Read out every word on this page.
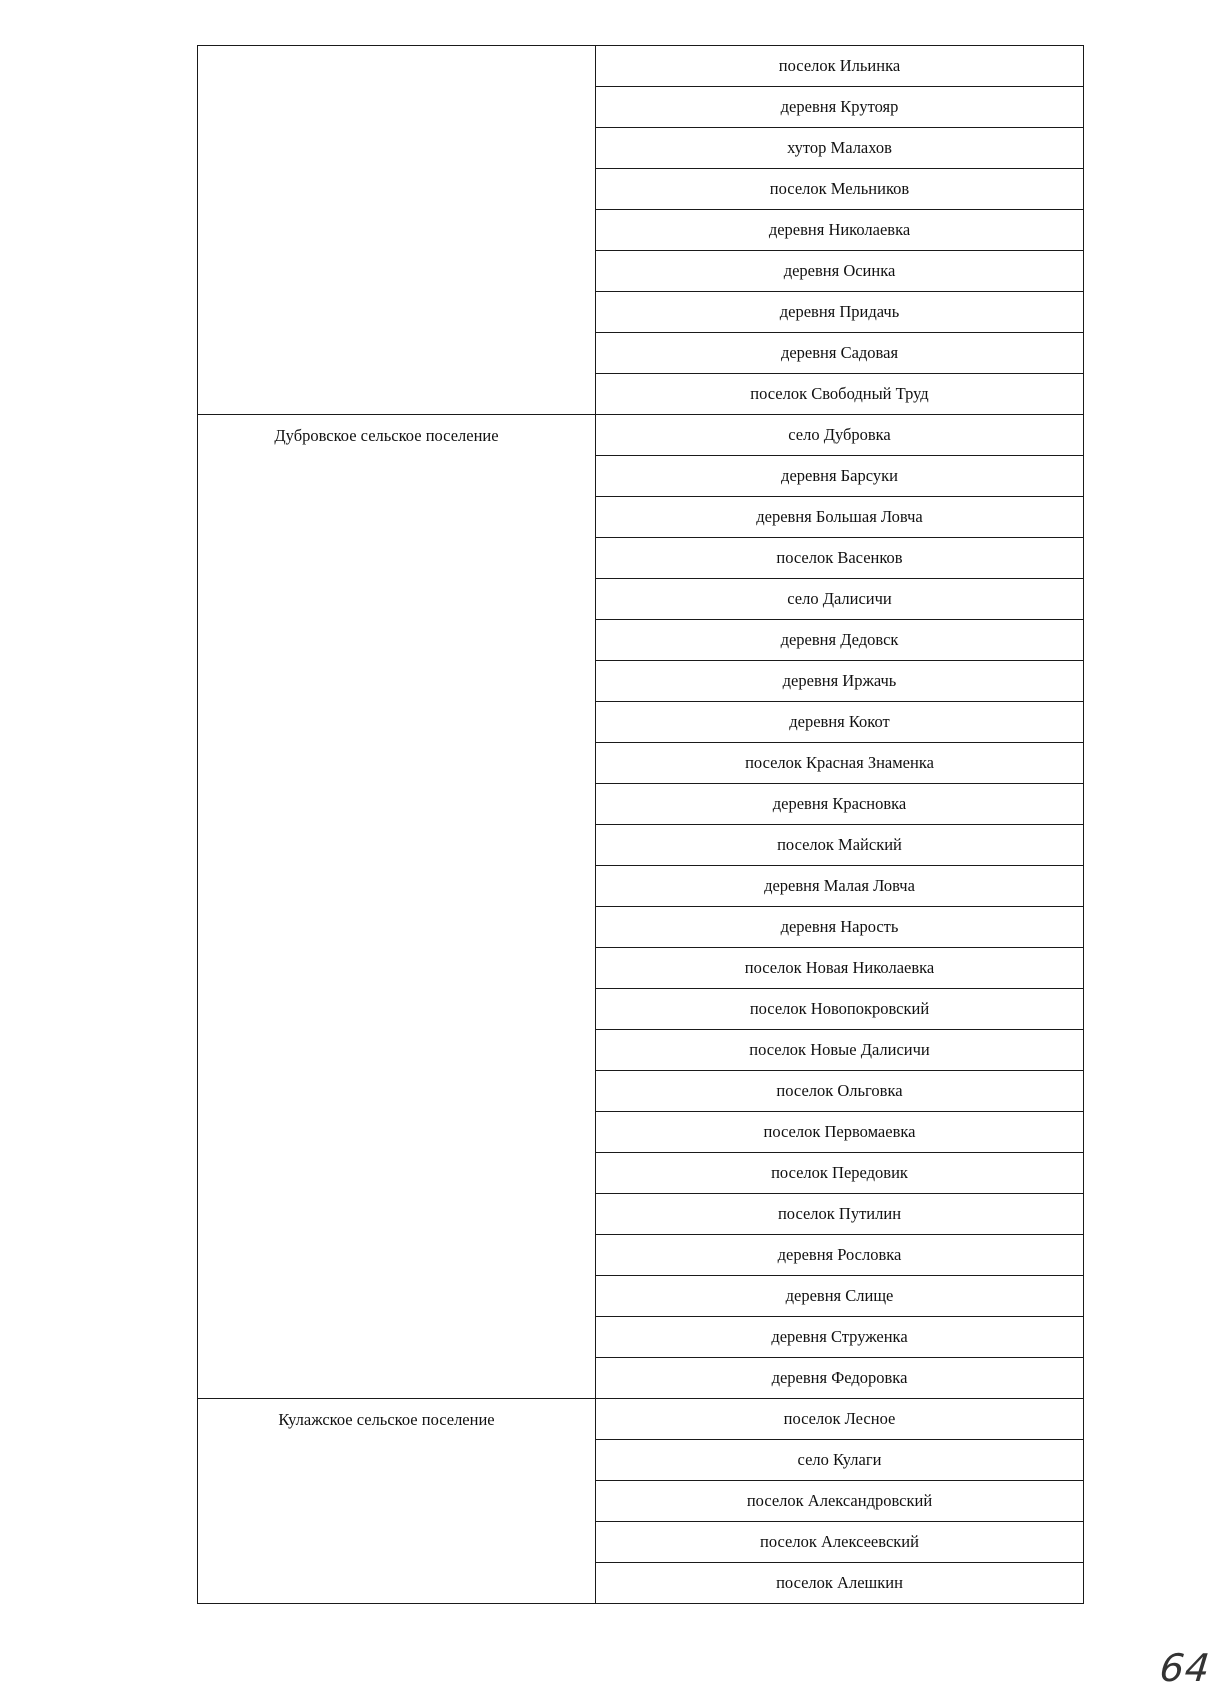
	поселок Ильинка
	деревня Крутояр
	хутор Малахов
	поселок Мельников
	деревня Николаевка
	деревня Осинка
	деревня Придачь
	деревня Садовая
	поселок Свободный Труд

Дубровское сельское поселение	село Дубровка
	деревня Барсуки
	деревня Большая Ловча
	поселок Васенков
	село Далисичи
	деревня Дедовск
	деревня Иржачь
	деревня Кокот
	поселок Красная Знаменка
	деревня Красновка
	поселок Майский
	деревня Малая Ловча
	деревня Нарость
	поселок Новая Николаевка
	поселок Новопокровский
	поселок Новые Далисичи
	поселок Ольговка
	поселок Первомаевка
	поселок Передовик
	поселок Путилин
	деревня Рословка
	деревня Слище
	деревня Струженка
	деревня Федоровка

Кулажское сельское поселение	поселок Лесное
	село Кулаги
	поселок Александровский
	поселок Алексеевский
	поселок Алешкин
64
